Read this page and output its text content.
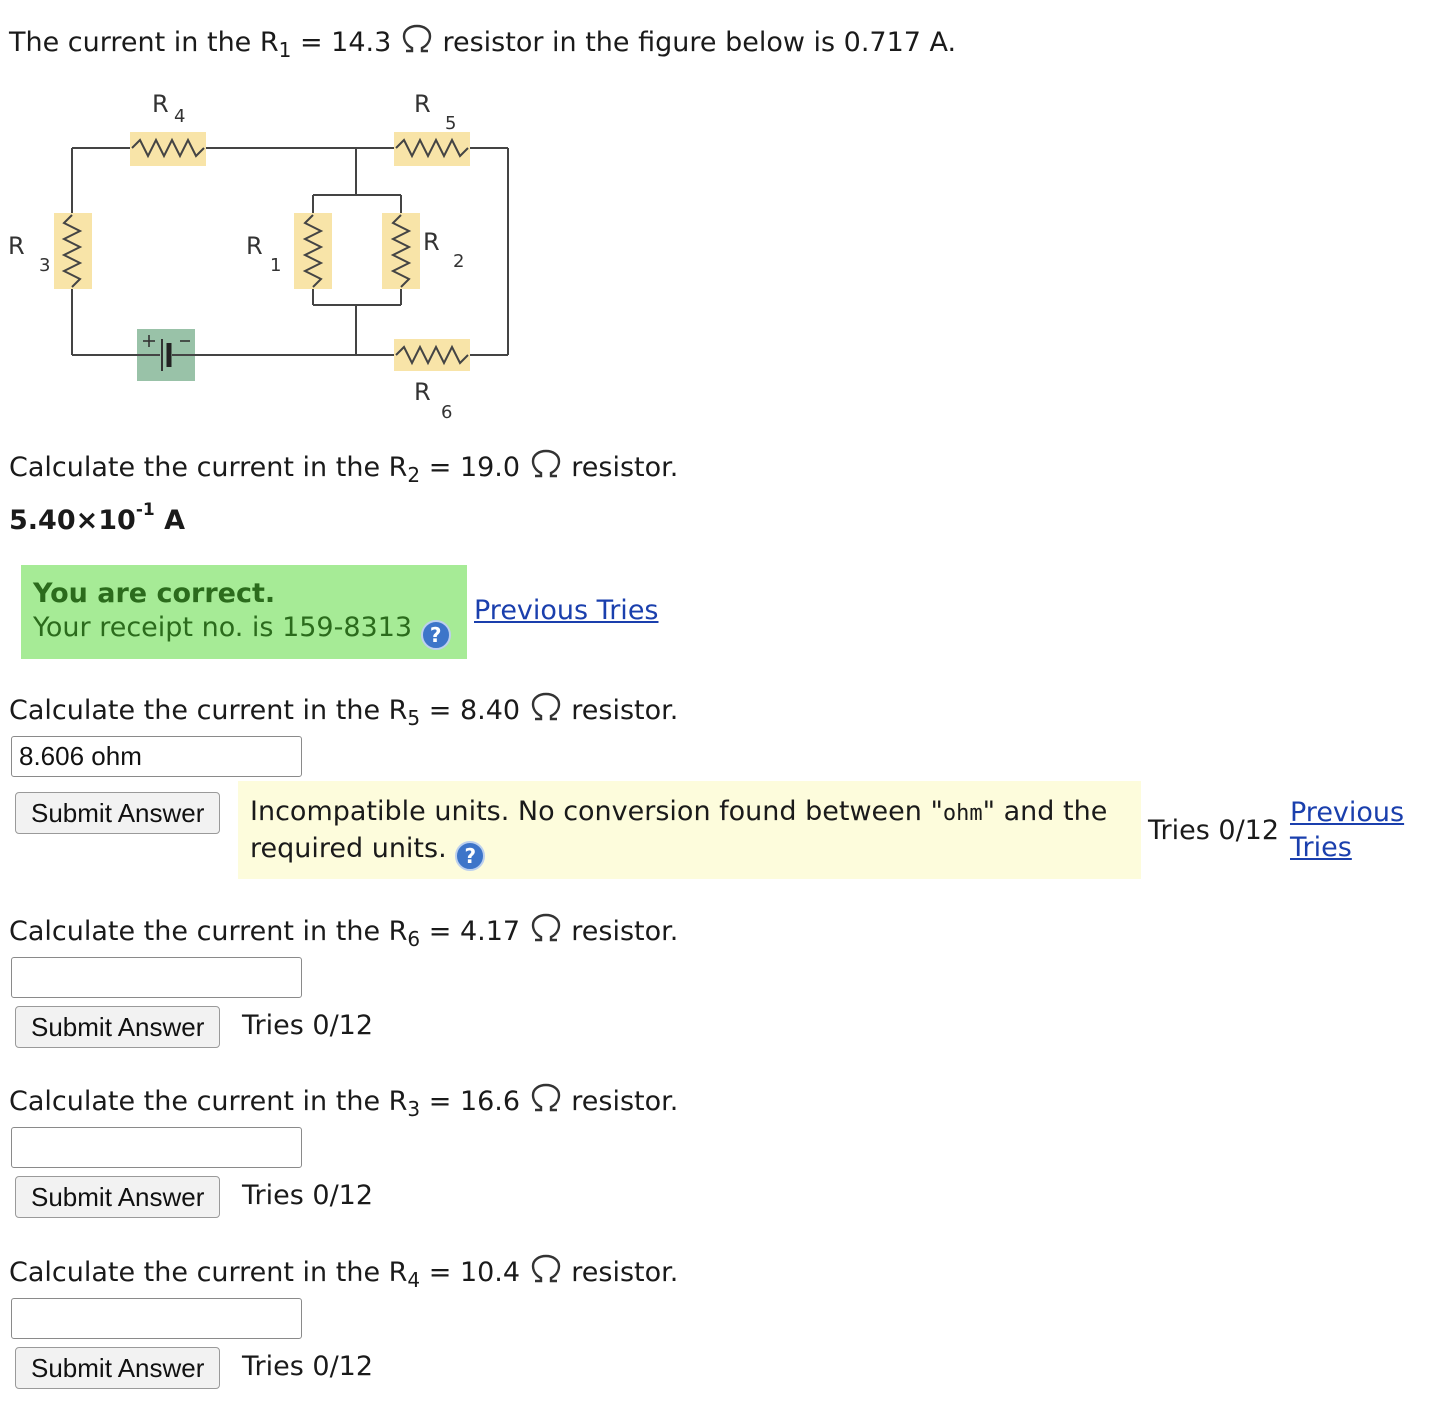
The current in the $R_1 = 14.3$ resistor in the figure below is 0.717 A.
R 4	R
5
R
3
R
1
R
2
R
6
Calculate the current in the $R_2 = 19.0$ resistor.
$5.40\times 10^{-1}$ A
You are correct.
Your receipt no. is 159-8313 ?
Previous Tries
Calculate the current in the $R_5 = 8.40$ resistor.
8.606 ohm
Submit Answer	Incompatible units. No conversion found between "ohm" and the
required units. ?
Tries 0/12
Previous
Tries
Calculate the current in the $R_6 = 4.17$ resistor.
Submit Answer	Tries 0/12
Calculate the current in the $R_3 = 16.6$ resistor.
Submit Answer	Tries 0/12
Calculate the current in the $R_4 = 10.4$ resistor.
Submit Answer	Tries 0/12
